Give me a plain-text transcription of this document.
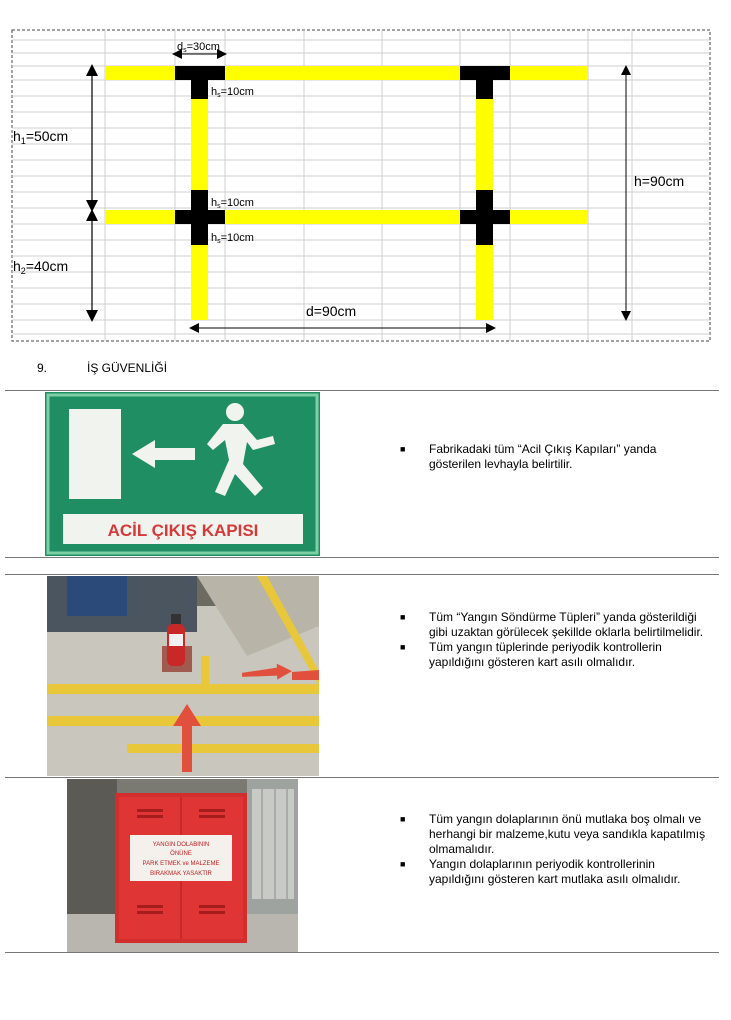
ds=30cm
hs=10cm
hs=10cm
hs=10cm
$h_1=50cm$
$h_2=40cm$
h=90cm
d=90cm
9.	İŞ GÜVENLİĞİ
ACİL ÇIKIŞ KAPISI
■ Fabrikadaki tüm “Acil Çıkış Kapıları” yanda gösterilen levhayla belirtilir.
■ Tüm “Yangın Söndürme Tüpleri” yanda gösterildiği gibi uzaktan görülecek şekillde oklarla belirtilmelidir.
■ Tüm yangın tüplerinde periyodik kontrollerin yapıldığını gösteren kart asılı olmalıdır.
YANGIN DOLABININ
ÖNÜNE
PARK ETMEK ve MALZEME
BIRAKMAK YASAKTIR
■ Tüm yangın dolaplarının önü mutlaka boş olmalı ve herhangi bir malzeme,kutu veya sandıkla kapatılmış olmamalıdır.
■ Yangın dolaplarının periyodik kontrollerinin yapıldığını gösteren kart mutlaka asılı olmalıdır.
